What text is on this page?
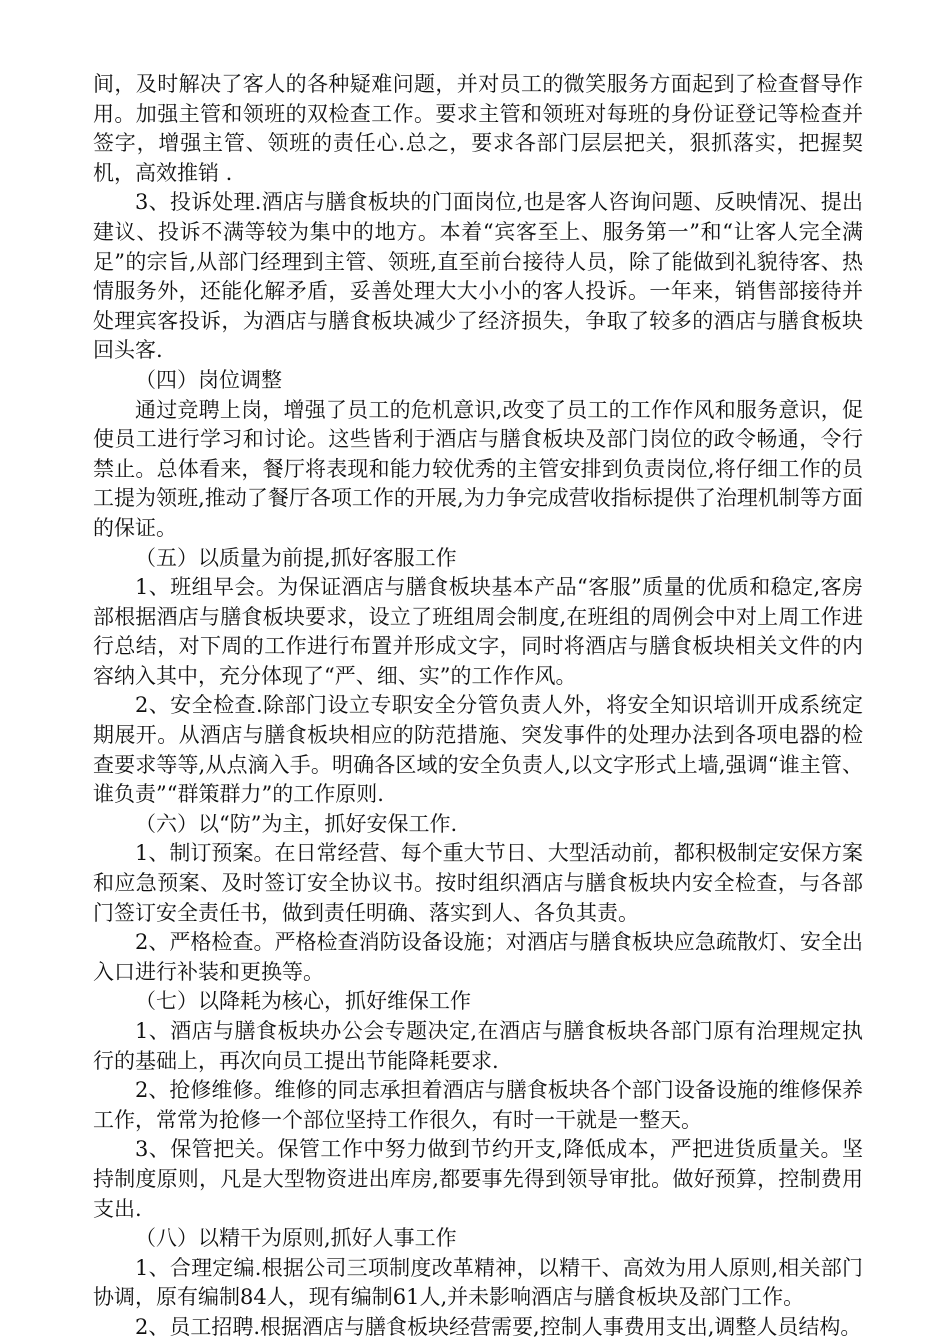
间，及时解决了客人的各种疑难问题，并对员工的微笑服务方面起到了检查督导作用。加强主管和领班的双检查工作。要求主管和领班对每班的身份证登记等检查并签字，增强主管、领班的责任心.总之，要求各部门层层把关，狠抓落实，把握契机，高效推销 .

3、投诉处理.酒店与膳食板块的门面岗位,也是客人咨询问题、反映情况、提出建议、投诉不满等较为集中的地方。本着“宾客至上、服务第一”和“让客人完全满足”的宗旨,从部门经理到主管、领班,直至前台接待人员，除了能做到礼貌待客、热情服务外，还能化解矛盾，妥善处理大大小小的客人投诉。一年来，销售部接待并处理宾客投诉，为酒店与膳食板块减少了经济损失，争取了较多的酒店与膳食板块回头客.

（四）岗位调整

通过竞聘上岗，增强了员工的危机意识,改变了员工的工作作风和服务意识，促使员工进行学习和讨论。这些皆利于酒店与膳食板块及部门岗位的政令畅通，令行禁止。总体看来，餐厅将表现和能力较优秀的主管安排到负责岗位,将仔细工作的员工提为领班,推动了餐厅各项工作的开展,为力争完成营收指标提供了治理机制等方面的保证。

（五）以质量为前提,抓好客服工作

1、班组早会。为保证酒店与膳食板块基本产品“客服”质量的优质和稳定,客房部根据酒店与膳食板块要求，设立了班组周会制度,在班组的周例会中对上周工作进行总结，对下周的工作进行布置并形成文字，同时将酒店与膳食板块相关文件的内容纳入其中，充分体现了“严、细、实”的工作作风。

2、安全检查.除部门设立专职安全分管负责人外，将安全知识培训开成系统定期展开。从酒店与膳食板块相应的防范措施、突发事件的处理办法到各项电器的检查要求等等,从点滴入手。明确各区域的安全负责人,以文字形式上墙,强调“谁主管、谁负责”“群策群力”的工作原则.

（六）以“防”为主，抓好安保工作.

1、制订预案。在日常经营、每个重大节日、大型活动前，都积极制定安保方案和应急预案、及时签订安全协议书。按时组织酒店与膳食板块内安全检查，与各部门签订安全责任书，做到责任明确、落实到人、各负其责。

2、严格检查。严格检查消防设备设施；对酒店与膳食板块应急疏散灯、安全出入口进行补装和更换等。

（七）以降耗为核心，抓好维保工作

1、酒店与膳食板块办公会专题决定,在酒店与膳食板块各部门原有治理规定执行的基础上，再次向员工提出节能降耗要求.

2、抢修维修。维修的同志承担着酒店与膳食板块各个部门设备设施的维修保养工作，常常为抢修一个部位坚持工作很久，有时一干就是一整天。

3、保管把关。保管工作中努力做到节约开支,降低成本，严把进货质量关。坚持制度原则，凡是大型物资进出库房,都要事先得到领导审批。做好预算，控制费用支出.

（八）以精干为原则,抓好人事工作

1、合理定编.根据公司三项制度改革精神，以精干、高效为用人原则,相关部门协调，原有编制84人，现有编制61人,并未影响酒店与膳食板块及部门工作。

2、员工招聘.根据酒店与膳食板块经营需要,控制人事费用支出,调整人员结构。
